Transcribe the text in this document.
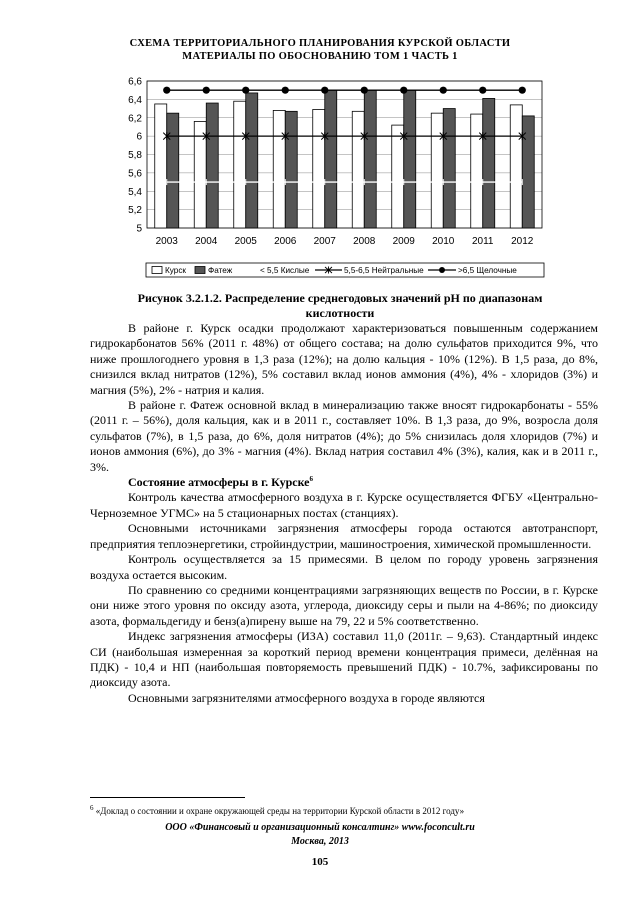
СХЕМА ТЕРРИТОРИАЛЬНОГО ПЛАНИРОВАНИЯ КУРСКОЙ ОБЛАСТИ
МАТЕРИАЛЫ ПО ОБОСНОВАНИЮ ТОМ 1 ЧАСТЬ 1
5
5,2
5,4
5,6
5,8
6
6,2
6,4
6,6
2003 2004 2005 2006 2007 2008 2009 2010 2011 2012
Курск	Фатеж	< 5,5 Кислые	5,5-6,5 Нейтральные	>6,5 Щелочные
Рисунок 3.2.1.2. Распределение среднегодовых значений pH по диапазонам
кислотности

В районе г. Курск осадки продолжают характеризоваться повышенным содержанием гидрокарбонатов 56% (2011 г. 48%) от общего состава; на долю сульфатов приходится 9%, что ниже прошлогоднего уровня в 1,3 раза (12%); на долю кальция - 10% (12%). В 1,5 раза, до 8%, снизился вклад нитратов (12%), 5% составил вклад ионов аммония (4%), 4% - хлоридов (3%) и магния (5%), 2% - натрия и калия.

В районе г. Фатеж основной вклад в минерализацию также вносят гидрокарбонаты - 55% (2011 г. – 56%), доля кальция, как и в 2011 г., составляет 10%. В 1,3 раза, до 9%, возросла доля сульфатов (7%), в 1,5 раза, до 6%, доля нитратов (4%); до 5% снизилась доля хлоридов (7%) и ионов аммония (6%), до 3% - магния (4%). Вклад натрия составил 4% (3%), калия, как и в 2011 г., 3%.

Состояние атмосферы в г. Курске$^6$

Контроль качества атмосферного воздуха в г. Курске осуществляется ФГБУ «Центрально-Черноземное УГМС» на 5 стационарных постах (станциях).

Основными источниками загрязнения атмосферы города остаются автотранспорт, предприятия теплоэнергетики, стройиндустрии, машиностроения, химической промышленности.

Контроль осуществляется за 15 примесями. В целом по городу уровень загрязнения воздуха остается высоким.

По сравнению со средними концентрациями загрязняющих веществ по России, в г. Курске они ниже этого уровня по оксиду азота, углерода, диоксиду серы и пыли на 4-86%; по диоксиду азота, формальдегиду и бенз(а)пирену выше на 79, 22 и 5% соответственно.

Индекс загрязнения атмосферы (ИЗА) составил 11,0 (2011г. – 9,63). Стандартный индекс СИ (наибольшая измеренная за короткий период времени концентрация примеси, делённая на ПДК) - 10,4 и НП (наибольшая повторяемость превышений ПДК) - 10.7%, зафиксированы по диоксиду азота.

Основными загрязнителями атмосферного воздуха в городе являются

$^6$ «Доклад о состоянии и охране окружающей среды на территории Курской области в 2012 году»
ООО «Финансовый и организационный консалтинг» www.foconcult.ru
Москва, 2013
105
